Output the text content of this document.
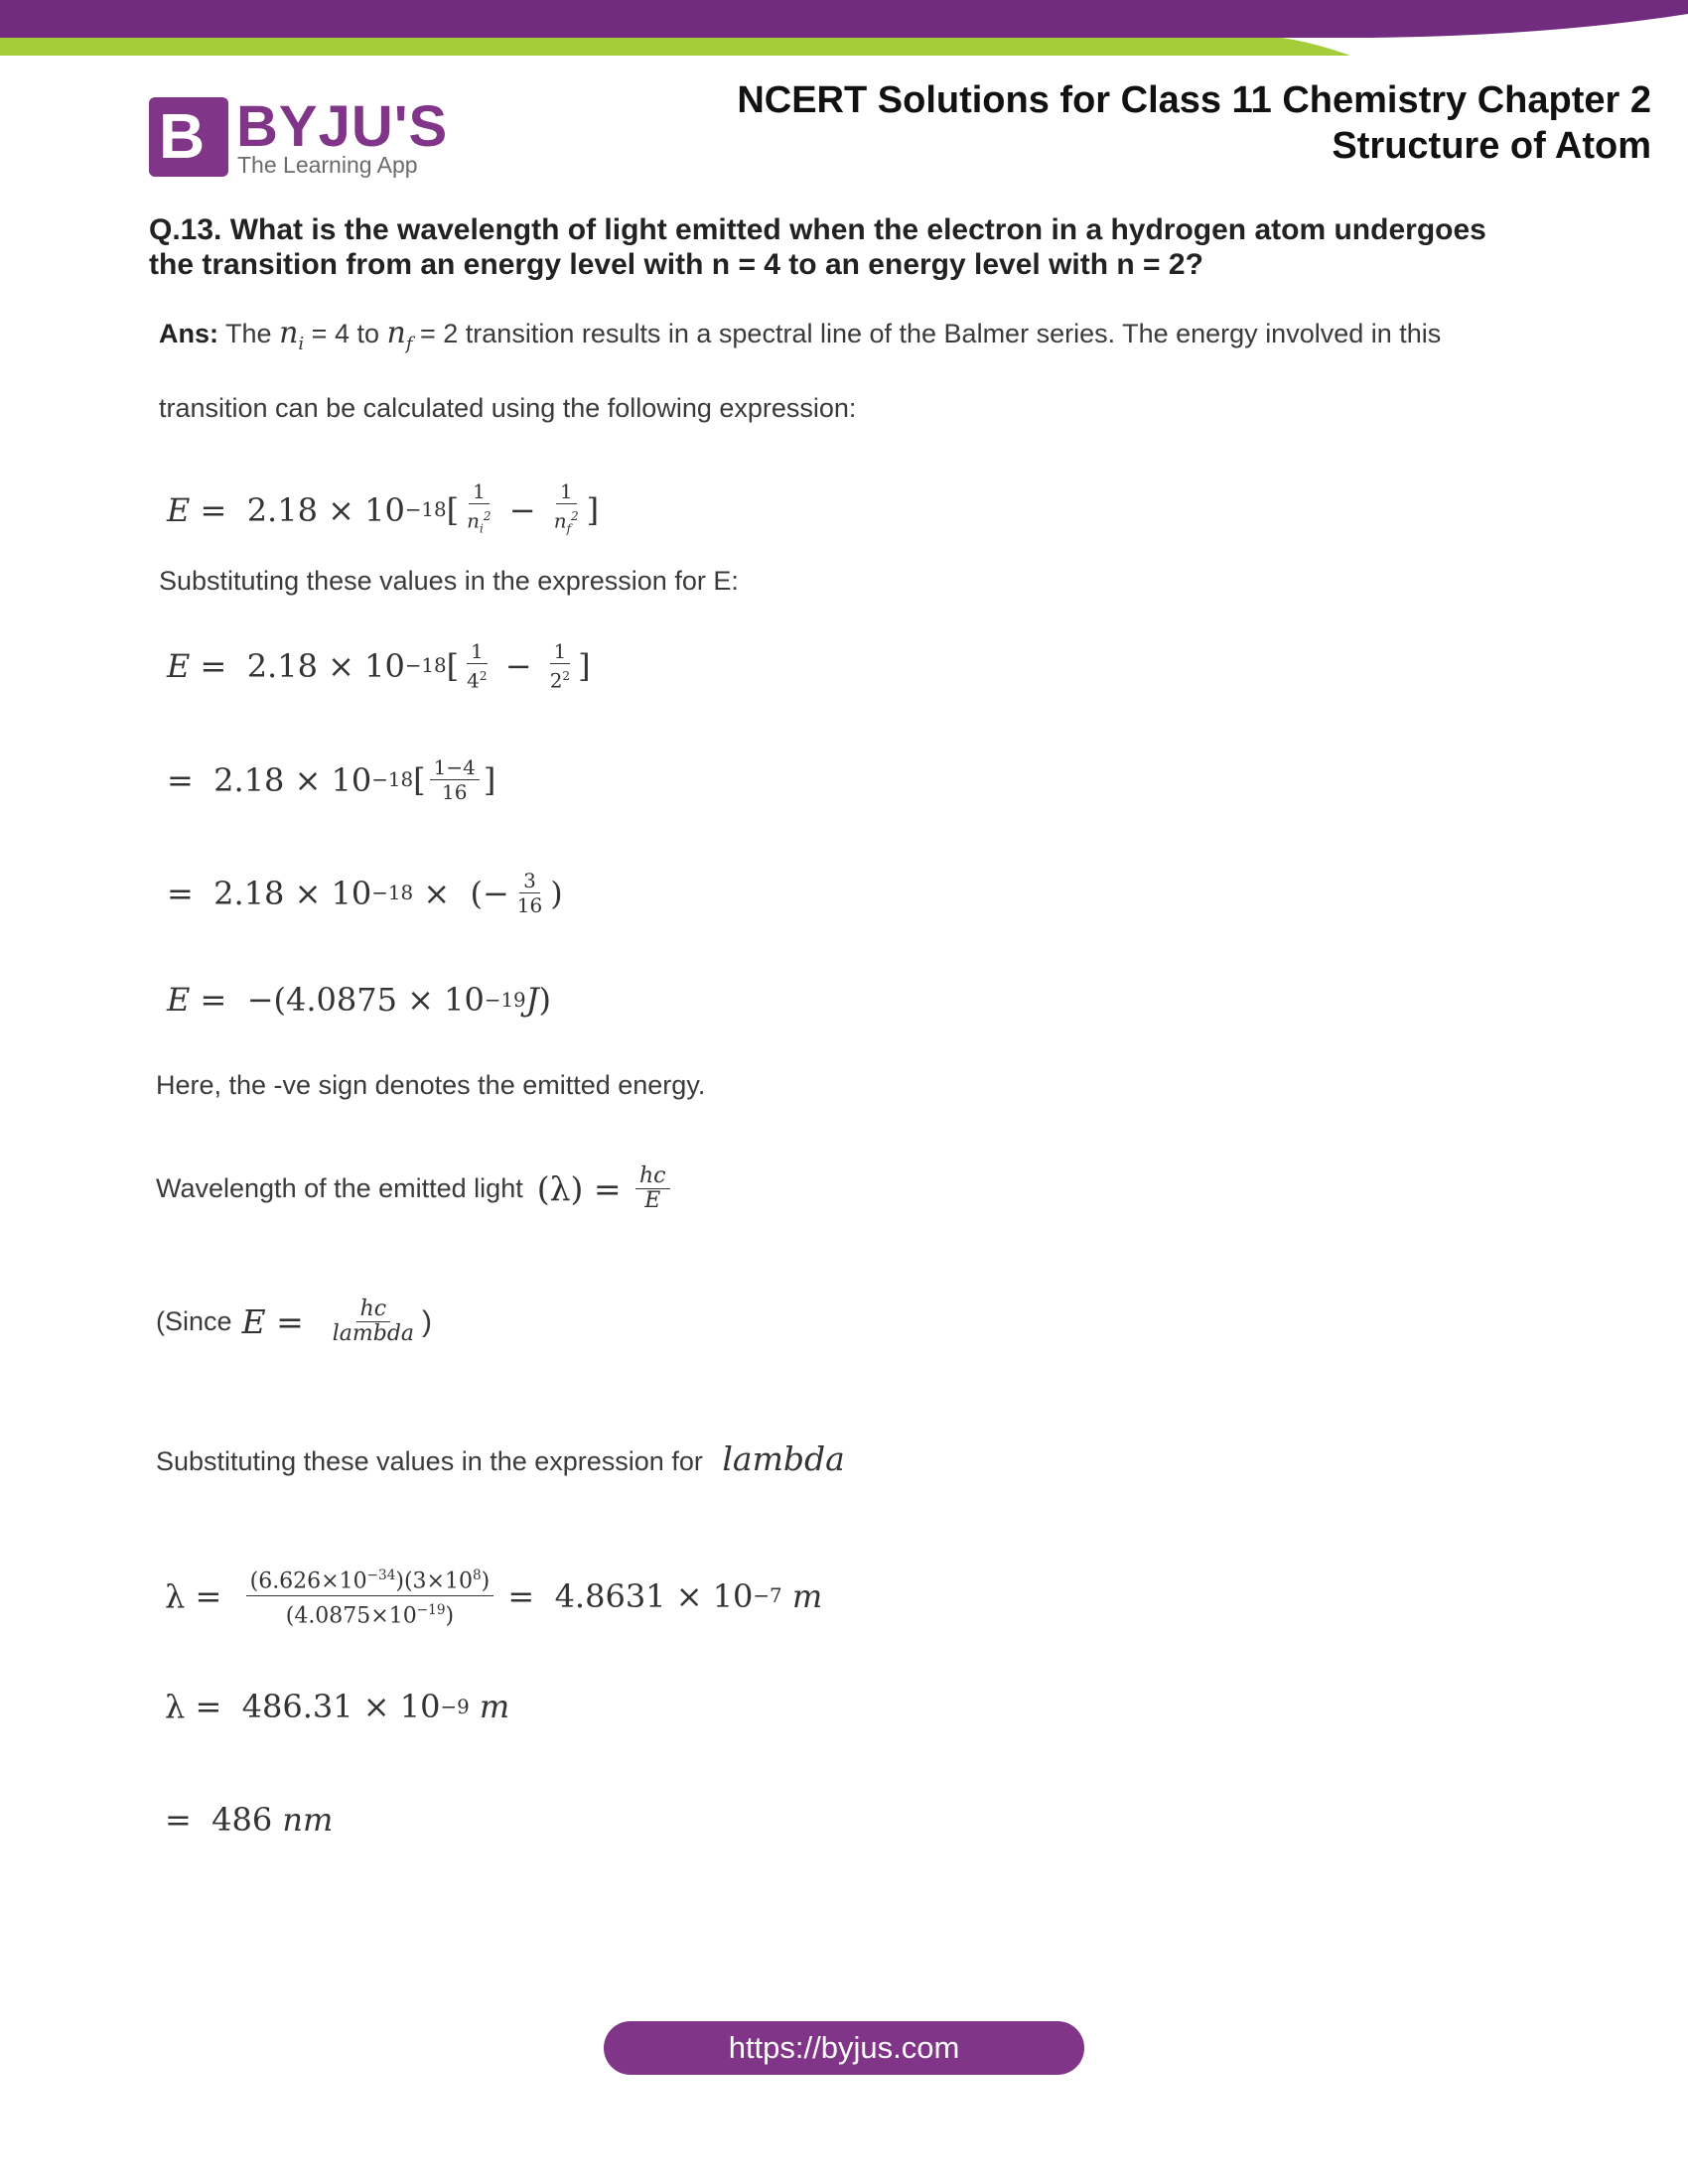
B BYJU'S
The Learning App
NCERT Solutions for Class 11 Chemistry Chapter 2
Structure of Atom
Q.13. What is the wavelength of light emitted when the electron in a hydrogen atom undergoes the transition from an energy level with n = 4 to an energy level with n = 2?
Ans: The $n_i = 4$ to $n_f = 2$ transition results in a spectral line of the Balmer series. The energy involved in this
transition can be calculated using the following expression:
E = 2.18 × 10 −18 [ $\frac{1}{n_i^2} - \frac{1}{n_f^2}$ ]
Substituting these values in the expression for E:
E = 2.18 × 10 −18 [ $\frac{1}{4^2} - \frac{1}{2^2}$ ]
= 2.18 × 10 −18 [ $\frac{1-4}{16}$ ]
= 2.18 × 10 −18 ×  (− $\frac{3}{16}$ )
E = −(4.0875 × 10 −19 J )
Here, the -ve sign denotes the emitted energy.
Wavelength of the emitted light $(\lambda) = \frac{hc}{E}$
(Since $E = \frac{hc}{\text{lambda}}$ )
Substituting these values in the expression for lambda
$\lambda = \frac{(6.626\times 10^{-34})(3\times 10^8)}{(4.0875\times 10^{-19})} = 4.8631 \times 10 -7$ m
λ = 486.31 × 10 −9 m
= 486 nm
https://byjus.com
